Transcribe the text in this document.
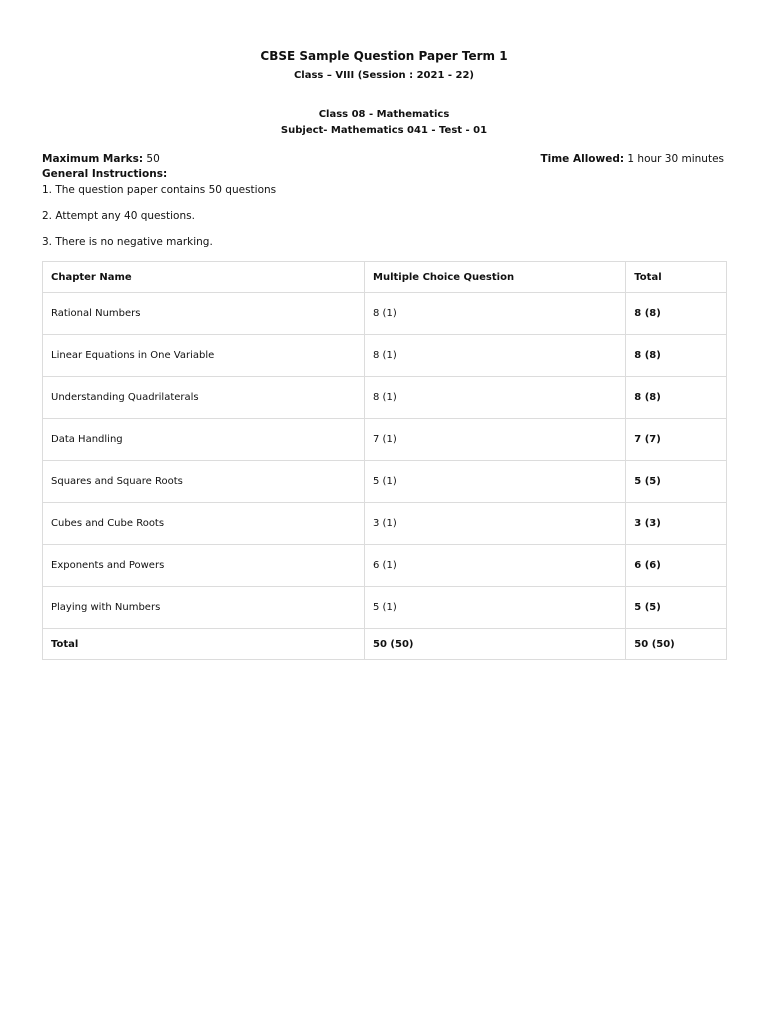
CBSE Sample Question Paper Term 1
Class – VIII (Session : 2021 - 22)
Class 08 - Mathematics
Subject- Mathematics 041 - Test - 01
Maximum Marks: 50	Time Allowed: 1 hour 30 minutes
General Instructions:
1. The question paper contains 50 questions
2. Attempt any 40 questions.
3. There is no negative marking.
Chapter Name	Multiple Choice Question	Total
Rational Numbers	8 (1)	8 (8)
Linear Equations in One Variable	8 (1)	8 (8)
Understanding Quadrilaterals	8 (1)	8 (8)
Data Handling	7 (1)	7 (7)
Squares and Square Roots	5 (1)	5 (5)
Cubes and Cube Roots	3 (1)	3 (3)
Exponents and Powers	6 (1)	6 (6)
Playing with Numbers	5 (1)	5 (5)
Total	50 (50)	50 (50)
